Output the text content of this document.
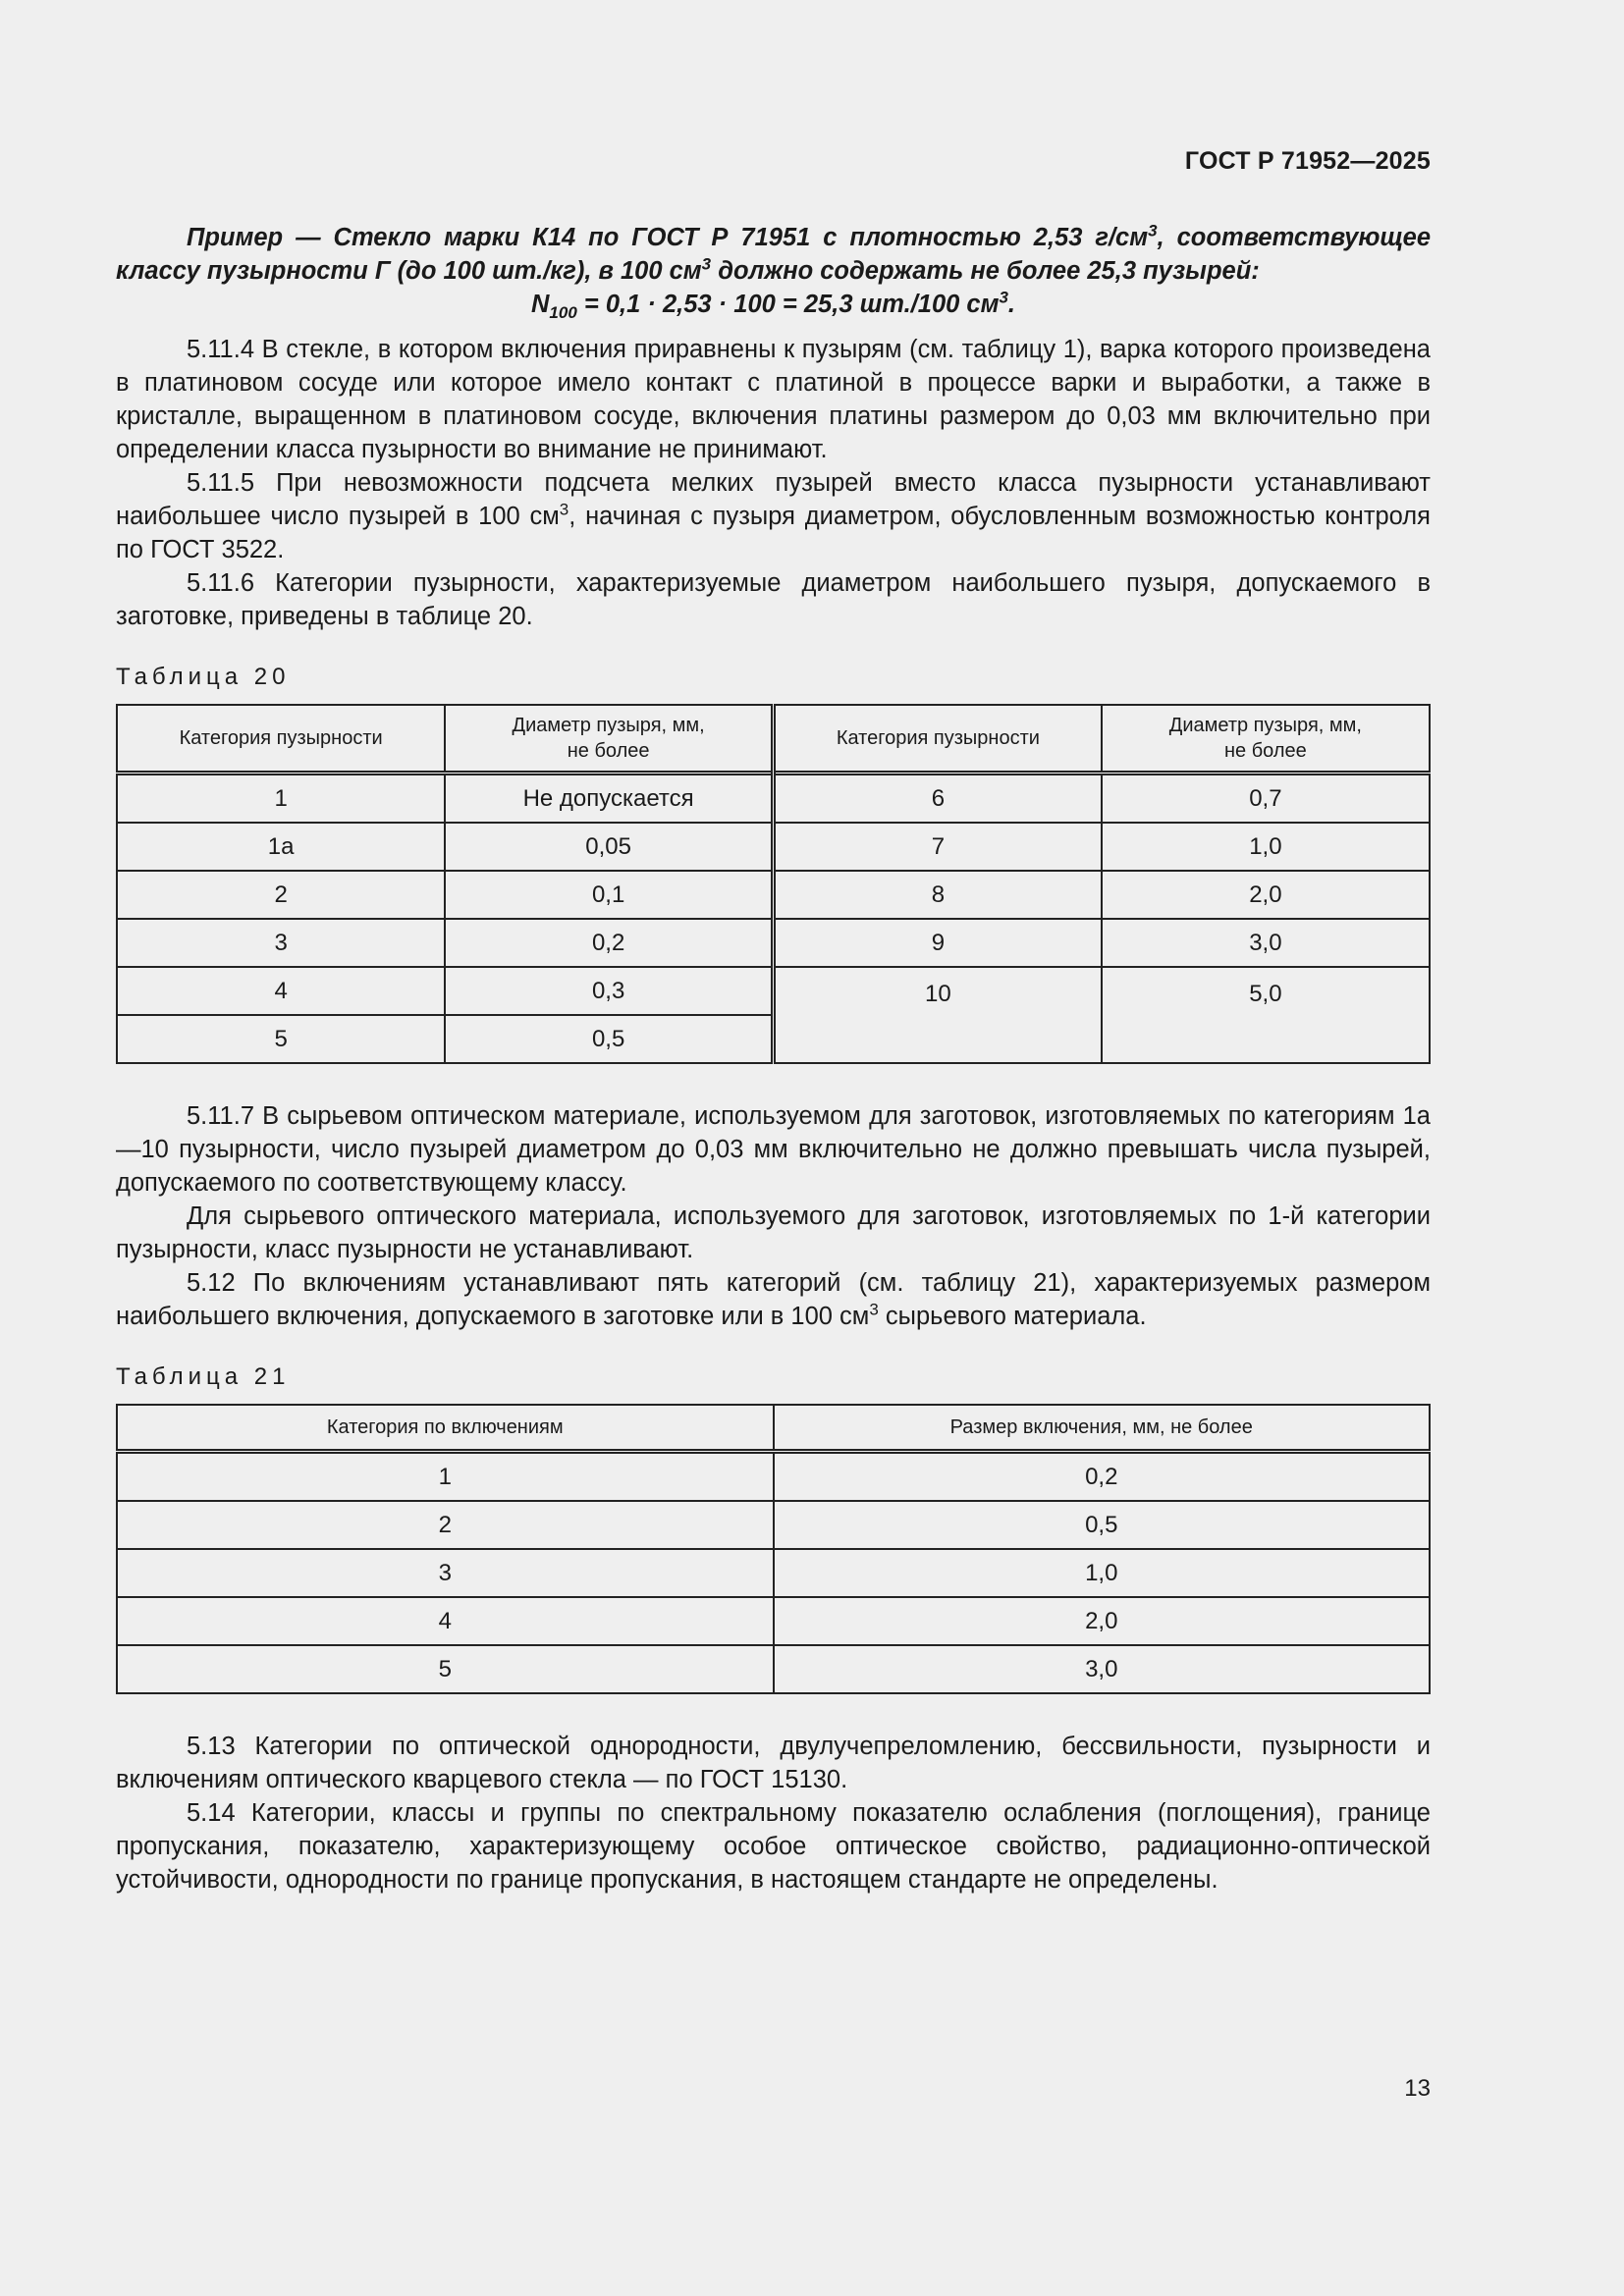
ГОСТ Р 71952—2025

Пример — Стекло марки К14 по ГОСТ Р 71951 с плотностью 2,53 $г/см^3$, соответствующее классу пузырности Г (до 100 шт./кг), в 100 $см^3$ должно содержать не более 25,3 пузырей:

$N_{100} = 0,1 \cdot 2,53 \cdot 100 = 25,3$ шт./100 $см^3$.

5.11.4 В стекле, в котором включения приравнены к пузырям (см. таблицу 1), варка которого произведена в платиновом сосуде или которое имело контакт с платиной в процессе варки и выработки, а также в кристалле, выращенном в платиновом сосуде, включения платины размером до 0,03 мм включительно при определении класса пузырности во внимание не принимают.

5.11.5 При невозможности подсчета мелких пузырей вместо класса пузырности устанавливают наибольшее число пузырей в 100 $см^3$, начиная с пузыря диаметром, обусловленным возможностью контроля по ГОСТ 3522.

5.11.6 Категории пузырности, характеризуемые диаметром наибольшего пузыря, допускаемого в заготовке, приведены в таблице 20.

Таблица 20
Категория пузырности	Диаметр пузыря, мм,
не более	Категория пузырности	Диаметр пузыря, мм,
не более
1	Не допускается	6	0,7
1а	0,05	7	1,0
2	0,1	8	2,0
3	0,2	9	3,0
4	0,3	10	5,0
5	0,5		

5.11.7 В сырьевом оптическом материале, используемом для заготовок, изготовляемых по категориям 1а—10 пузырности, число пузырей диаметром до 0,03 мм включительно не должно превышать числа пузырей, допускаемого по соответствующему классу.

Для сырьевого оптического материала, используемого для заготовок, изготовляемых по 1-й категории пузырности, класс пузырности не устанавливают.

5.12 По включениям устанавливают пять категорий (см. таблицу 21), характеризуемых размером наибольшего включения, допускаемого в заготовке или в 100 $см^3$ сырьевого материала.

Таблица 21
Категория по включениям	Размер включения, мм, не более
1	0,2
2	0,5
3	1,0
4	2,0
5	3,0

5.13 Категории по оптической однородности, двулучепреломлению, бессвильности, пузырности и включениям оптического кварцевого стекла — по ГОСТ 15130.

5.14 Категории, классы и группы по спектральному показателю ослабления (поглощения), границе пропускания, показателю, характеризующему особое оптическое свойство, радиационно-оптической устойчивости, однородности по границе пропускания, в настоящем стандарте не определены.

13
